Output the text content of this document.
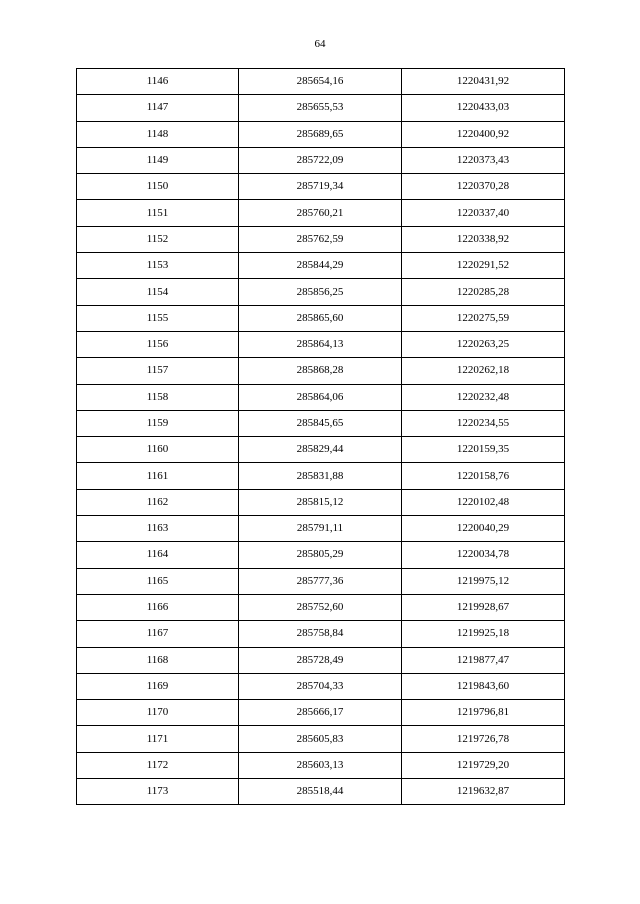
64
1146	285654,16	1220431,92
1147	285655,53	1220433,03
1148	285689,65	1220400,92
1149	285722,09	1220373,43
1150	285719,34	1220370,28
1151	285760,21	1220337,40
1152	285762,59	1220338,92
1153	285844,29	1220291,52
1154	285856,25	1220285,28
1155	285865,60	1220275,59
1156	285864,13	1220263,25
1157	285868,28	1220262,18
1158	285864,06	1220232,48
1159	285845,65	1220234,55
1160	285829,44	1220159,35
1161	285831,88	1220158,76
1162	285815,12	1220102,48
1163	285791,11	1220040,29
1164	285805,29	1220034,78
1165	285777,36	1219975,12
1166	285752,60	1219928,67
1167	285758,84	1219925,18
1168	285728,49	1219877,47
1169	285704,33	1219843,60
1170	285666,17	1219796,81
1171	285605,83	1219726,78
1172	285603,13	1219729,20
1173	285518,44	1219632,87
